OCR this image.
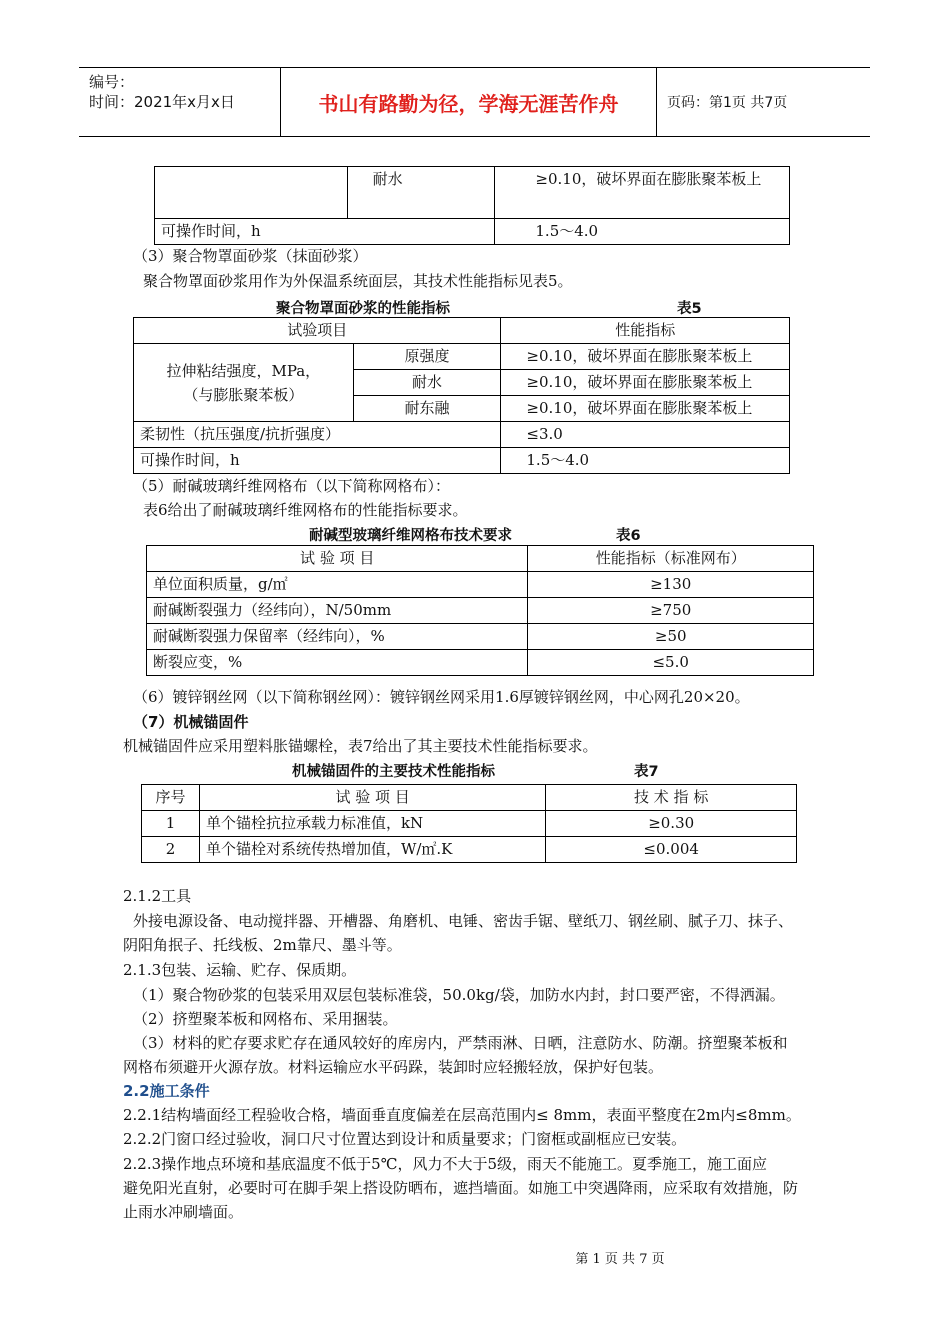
编号：
时间：2021年x月x日	书山有路勤为径，学海无涯苦作舟	页码：第1页 共7页
	耐水	≥0.10，破坏界面在膨胀聚苯板上
可操作时间，h		1.5～4.0
（3）聚合物罩面砂浆（抹面砂浆）
聚合物罩面砂浆用作为外保温系统面层，其技术性能指标见表5。
聚合物罩面砂浆的性能指标	表5
试验项目		性能指标

拉伸粘结强度，MPa，
（与膨胀聚苯板）	原强度	≥0.10，破坏界面在膨胀聚苯板上
	耐水	≥0.10，破坏界面在膨胀聚苯板上
	耐东融	≥0.10，破坏界面在膨胀聚苯板上
柔韧性（抗压强度/抗折强度）		≤3.0
可操作时间，h		1.5～4.0
（5）耐碱玻璃纤维网格布（以下简称网格布）：
表6给出了耐碱玻璃纤维网格布的性能指标要求。
耐碱型玻璃纤维网格布技术要求	表6
试 验 项 目	性能指标（标准网布）
单位面积质量，g/㎡	≥130
耐碱断裂强力（经纬向），N/50mm	≥750
耐碱断裂强力保留率（经纬向），%	≥50
断裂应变，%	≤5.0
（6）镀锌钢丝网（以下简称钢丝网）：镀锌钢丝网采用1.6厚镀锌钢丝网，中心网孔20×20。
（7）机械锚固件
机械锚固件应采用塑料胀锚螺栓，表7给出了其主要技术性能指标要求。
机械锚固件的主要技术性能指标	表7
序号	试 验 项 目	技 术 指 标
1	单个锚栓抗拉承载力标准值，kN	≥0.30
2	单个锚栓对系统传热增加值，W/㎡.K	≤0.004
2.1.2工具
外接电源设备、电动搅拌器、开槽器、角磨机、电锤、密齿手锯、壁纸刀、钢丝刷、腻子刀、抹子、
阴阳角抿子、托线板、2m靠尺、墨斗等。
2.1.3包装、运输、贮存、保质期。
（1）聚合物砂浆的包装采用双层包装标准袋，50.0kg/袋，加防水内封，封口要严密，不得洒漏。
（2）挤塑聚苯板和网格布、采用捆装。
（3）材料的贮存要求贮存在通风较好的库房内，严禁雨淋、日晒，注意防水、防潮。挤塑聚苯板和
网格布须避开火源存放。材料运输应水平码跺，装卸时应轻搬轻放，保护好包装。
2.2施工条件
2.2.1结构墙面经工程验收合格，墙面垂直度偏差在层高范围内≤ 8mm，表面平整度在2m内≤8mm。
2.2.2门窗口经过验收，洞口尺寸位置达到设计和质量要求；门窗框或副框应已安装。
2.2.3操作地点环境和基底温度不低于5℃，风力不大于5级，雨天不能施工。夏季施工，施工面应
避免阳光直射，必要时可在脚手架上搭设防晒布，遮挡墙面。如施工中突遇降雨，应采取有效措施，防
止雨水冲刷墙面。
第 1 页 共 7 页
